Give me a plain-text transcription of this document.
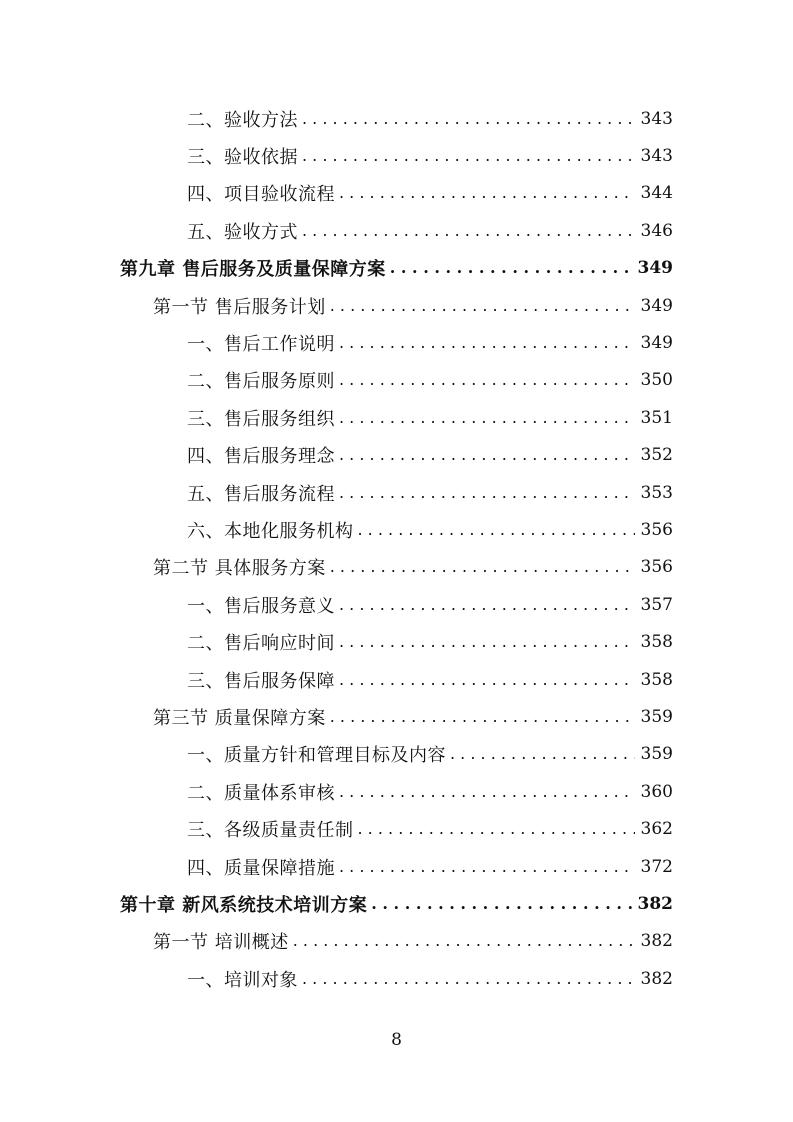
二、验收方法 . . .	343
三、验收依据 . . .	343
四、项目验收流程 . . .	344
五、验收方式 . . .	346
第九章 售后服务及质量保障方案 . . .	349
第一节 售后服务计划 . . .	349
一、售后工作说明 . . .	349
二、售后服务原则 . . .	350
三、售后服务组织 . . .	351
四、售后服务理念 . . .	352
五、售后服务流程 . . .	353
六、本地化服务机构 . . .	356
第二节 具体服务方案 . . .	356
一、售后服务意义 . . .	357
二、售后响应时间 . . .	358
三、售后服务保障 . . .	358
第三节 质量保障方案 . . .	359
一、质量方针和管理目标及内容 . . .	359
二、质量体系审核 . . .	360
三、各级质量责任制 . . .	362
四、质量保障措施 . . .	372
第十章 新风系统技术培训方案 . . .	382
第一节 培训概述 . . .	382
一、培训对象 . . .	382
8
